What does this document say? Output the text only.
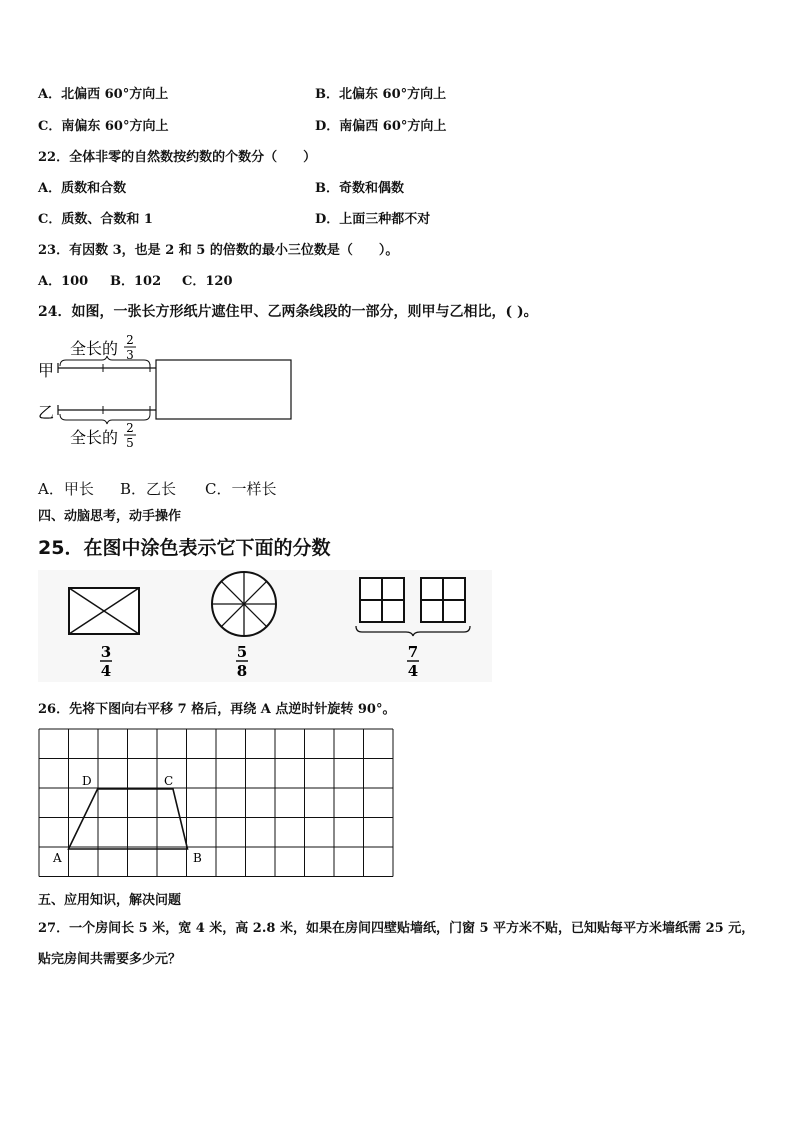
A．北偏西 60°方向上	B．北偏东 60°方向上
C．南偏东 60°方向上	D．南偏西 60°方向上
22．全体非零的自然数按约数的个数分（　　）
A．质数和合数	B．奇数和偶数
C．质数、合数和 1	D．上面三种都不对
23．有因数 3，也是 2 和 5 的倍数的最小三位数是（　　）。
A．100 B．102 C．120
24．如图，一张长方形纸片遮住甲、乙两条线段的一部分，则甲与乙相比，( )。
全长的 2
3
甲
乙
全长的 2
5
A．甲长 B．乙长 C．一样长
四、动脑思考，动手操作
25．在图中涂色表示它下面的分数
3
4
5
8
7
4
26．先将下图向右平移 7 格后，再绕 A 点逆时针旋转 90°。
A	B
C
D
五、应用知识，解决问题
27．一个房间长 5 米，宽 4 米，高 2.8 米，如果在房间四壁贴墙纸，门窗 5 平方米不贴，已知贴每平方米墙纸需 25 元，
贴完房间共需要多少元？
